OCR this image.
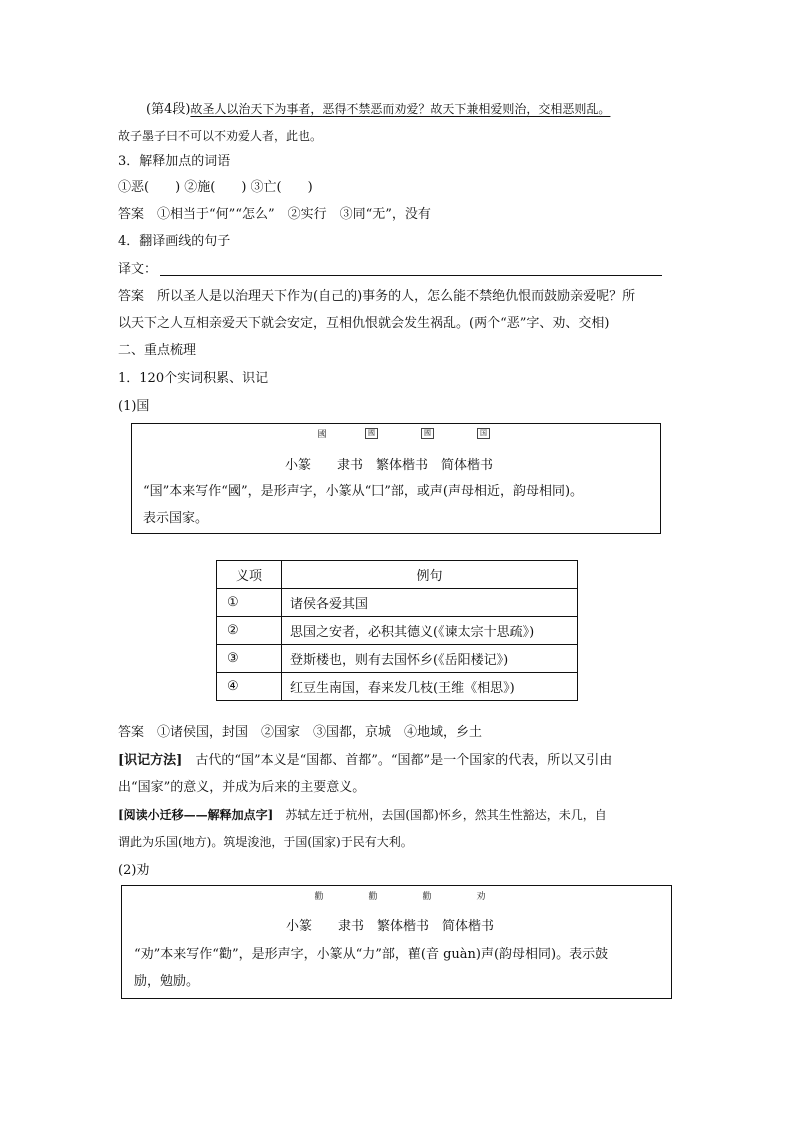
(第4段)故圣人以治天下为事者，恶得不禁恶而劝爱？故天下兼相爱则治，交相恶则乱。
故子墨子曰不可以不劝爱人者，此也。
3．解释加点的词语
①恶(　　) ②施(　　) ③亡(　　)
答案　 ①相当于“何”“怎么”　②实行　③同“无”，没有
4．翻译画线的句子
译文：
答案　 所以圣人是以治理天下作为(自己的)事务的人，怎么能不禁绝仇恨而鼓励亲爱呢？所
以天下之人互相亲爱天下就会安定，互相仇恨就会发生祸乱。(两个“恶”字、劝、交相)
二、重点梳理
1．120个实词积累、识记
(1)国
國	國	國	国
小篆　　隶书　繁体楷书　简体楷书
“国”本来写作“國”，是形声字，小篆从“囗”部，或声(声母相近，韵母相同)。
表示国家。
义项	例句
①	诸侯各爱其国
②	思国之安者，必积其德义(《谏太宗十思疏》)
③	登斯楼也，则有去国怀乡(《岳阳楼记》)
④	红豆生南国，春来发几枝(王维《相思》)
答案　 ①诸侯国，封国　②国家　③国都，京城　④地域，乡土
[识记方法]　 古代的“国”本义是“国都、首都”。“国都”是一个国家的代表，所以又引由
出“国家”的意义，并成为后来的主要意义。
[阅读小迁移——解释加点字]　 苏轼左迁于杭州，去国(国都)怀乡，然其生性豁达，未几，自
谓此为乐国(地方)。筑堤浚池，于国(国家)于民有大利。
(2)劝
勸	勸	勸	劝
小篆　　隶书　繁体楷书　简体楷书
“劝”本来写作“勸”，是形声字，小篆从“力”部，雚(音 guàn)声(韵母相同)。表示鼓
励，勉励。
